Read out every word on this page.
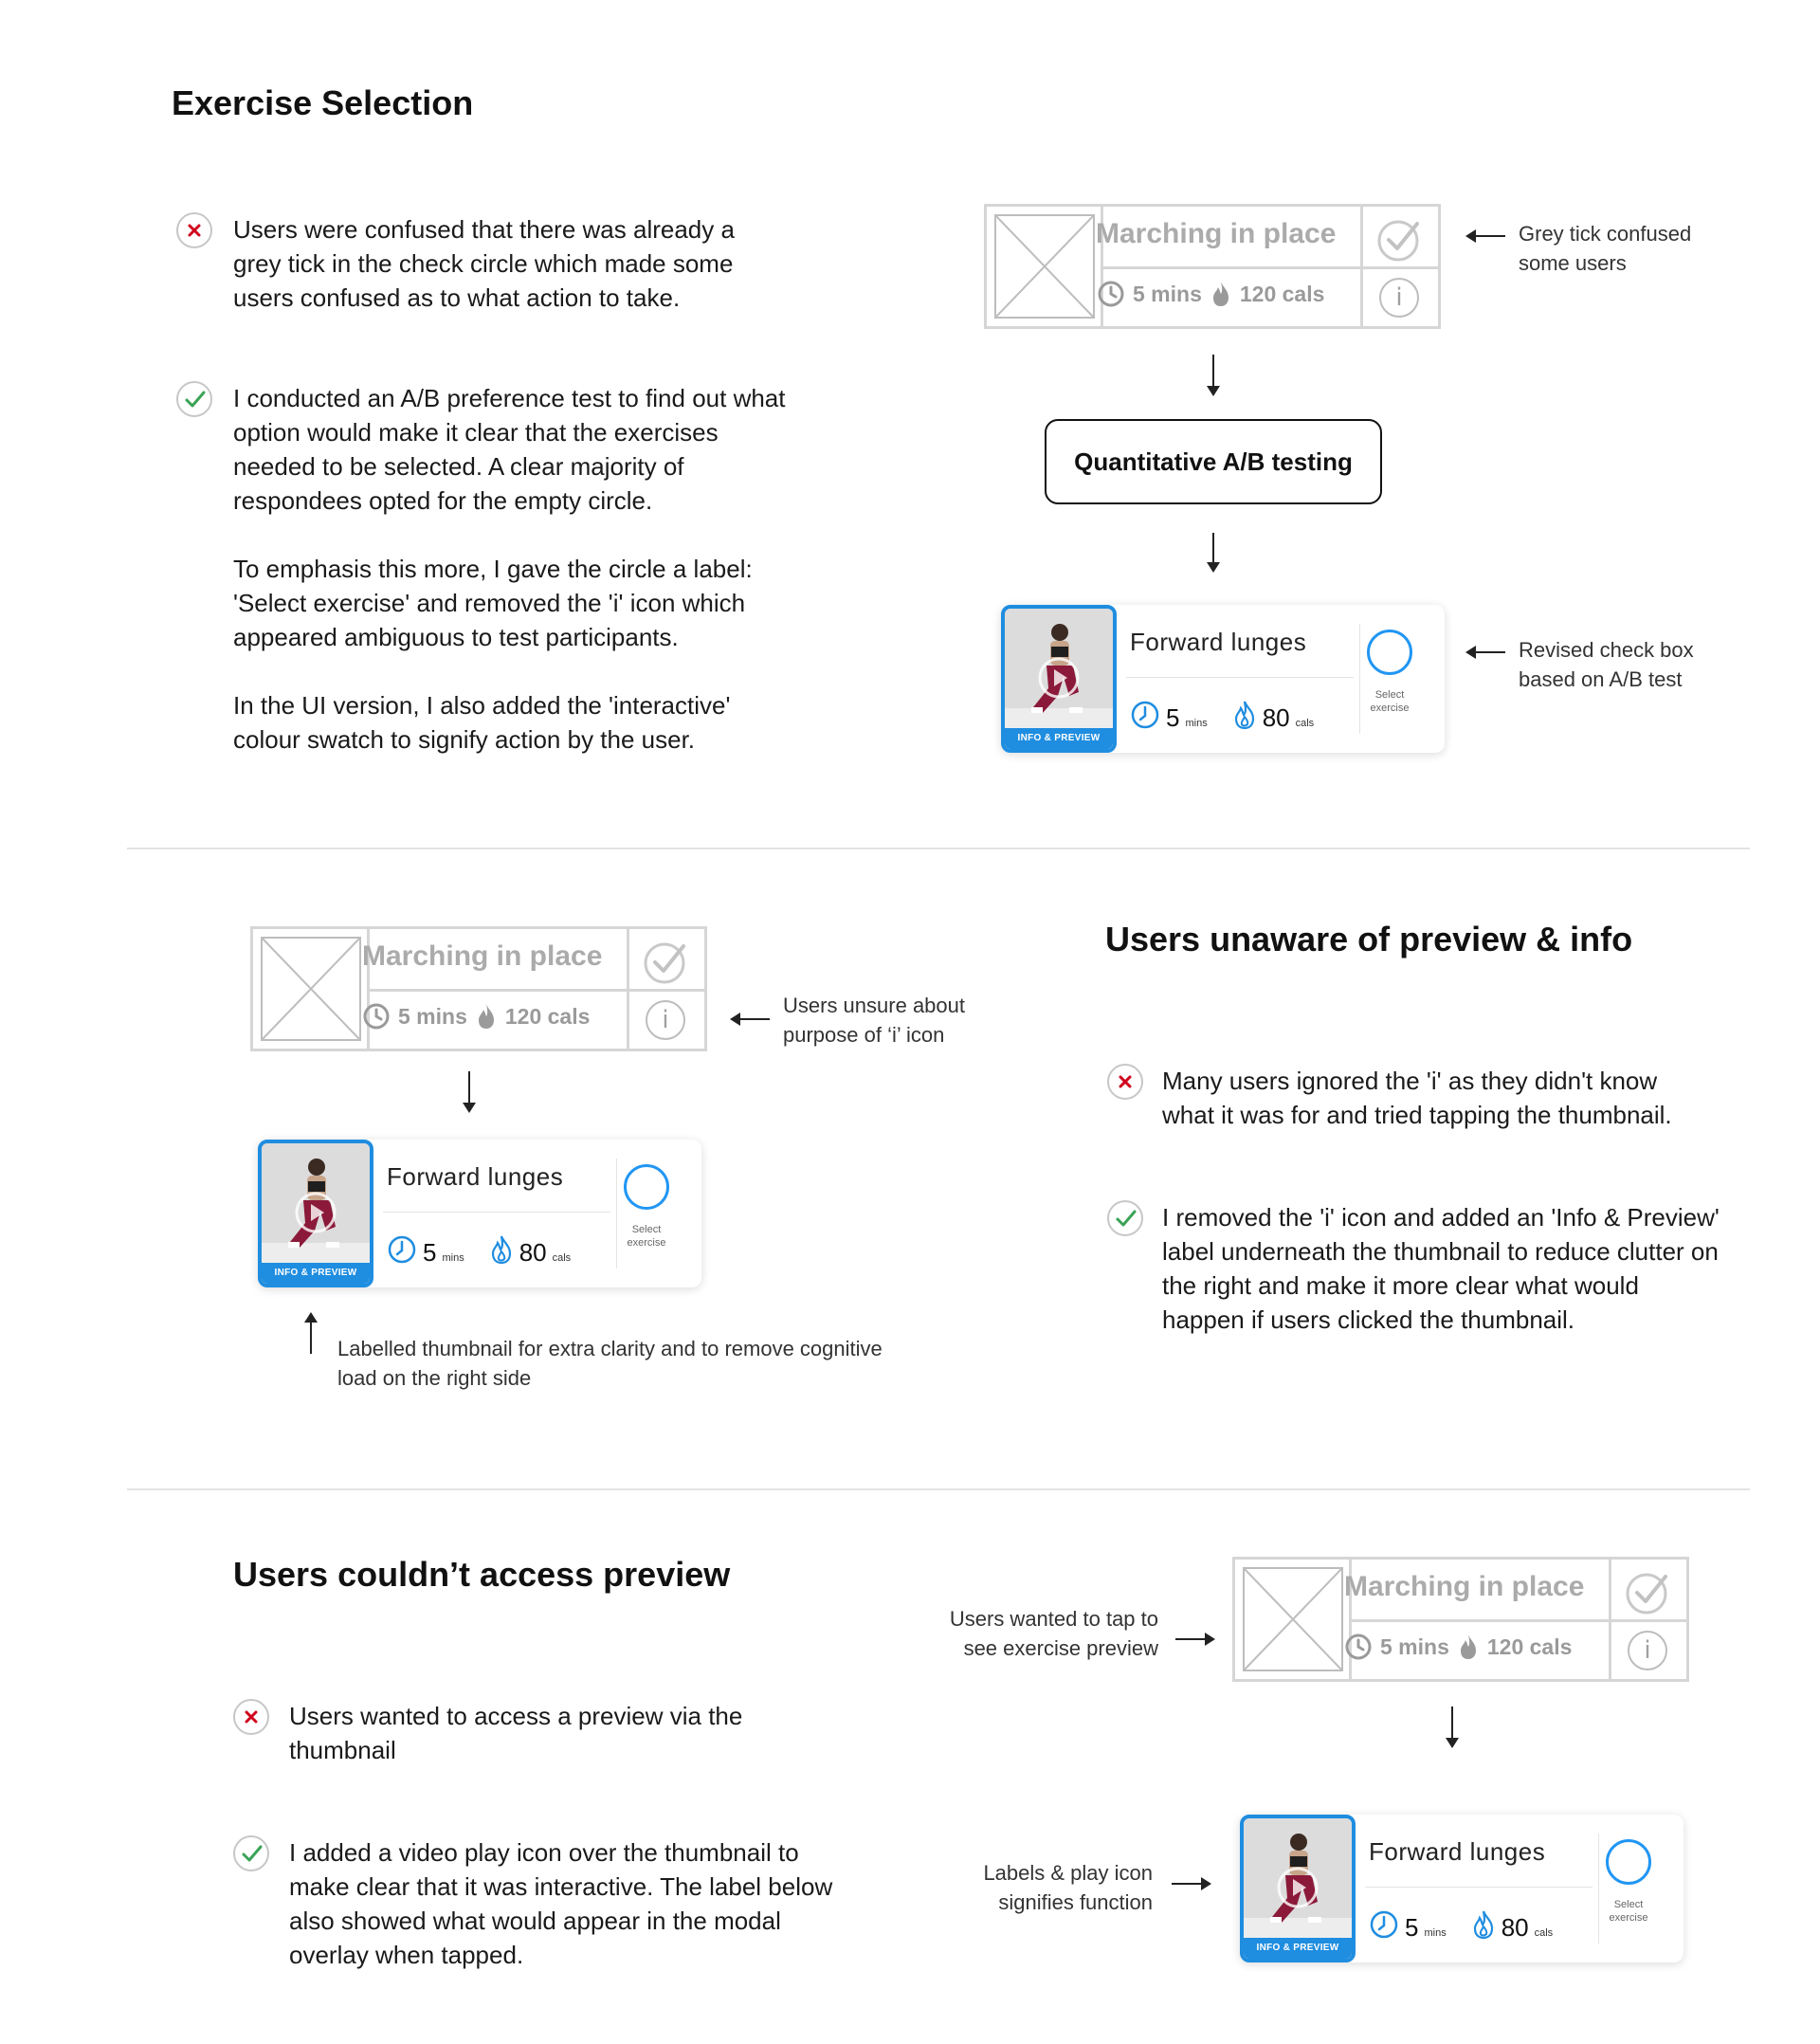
Exercise Selection
Users were confused that there was already a grey tick in the check circle which made some users confused as to what action to take.
I conducted an A/B preference test to find out what option would make it clear that the exercises needed to be selected. A clear majority of respondees opted for the empty circle.
To emphasis this more, I gave the circle a label: 'Select exercise' and removed the 'i' icon which appeared ambiguous to test participants.
In the UI version, I also added the 'interactive' colour swatch to signify action by the user.
Marching in place
5 mins 120 cals	i
Grey tick confused some users
Quantitative A/B testing
INFO & PREVIEW
Forward lunges
5 mins 80 cals
Select exercise
Revised check box based on A/B test
Marching in place
5 mins 120 cals	i
Users unsure about purpose of ‘i’ icon
INFO & PREVIEW
Forward lunges
5 mins 80 cals
Select exercise
Labelled thumbnail for extra clarity and to remove cognitive load on the right side
Users unaware of preview & info
Many users ignored the 'i' as they didn't know what it was for and tried tapping the thumbnail.
I removed the 'i' icon and added an 'Info & Preview' label underneath the thumbnail to reduce clutter on the right and make it more clear what would happen if users clicked the thumbnail.
Users couldn’t access preview
Users wanted to access a preview via the thumbnail
I added a video play icon over the thumbnail to make clear that it was interactive. The label below also showed what would appear in the modal overlay when tapped.
Users wanted to tap to see exercise preview
Marching in place
5 mins 120 cals	i
Labels & play icon signifies function
INFO & PREVIEW
Forward lunges
5 mins 80 cals
Select exercise
